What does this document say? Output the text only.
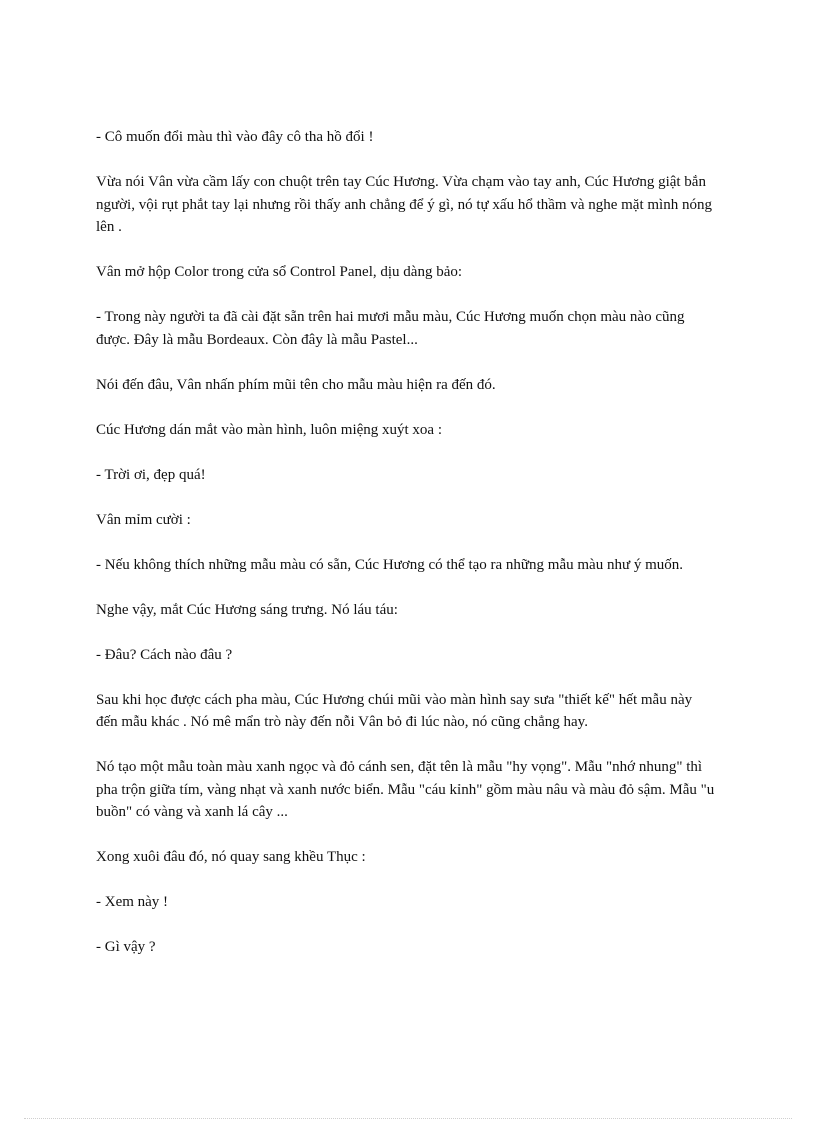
- Cô muốn đổi màu thì vào đây cô tha hồ đổi !

Vừa nói Vân vừa cầm lấy con chuột trên tay Cúc Hương. Vừa chạm vào tay anh, Cúc Hương giật bắn người, vội rụt phắt tay lại nhưng rồi thấy anh chẳng để ý gì, nó tự xấu hổ thầm và nghe mặt mình nóng lên .

Vân mở hộp Color trong cửa sổ Control Panel, dịu dàng bảo:

- Trong này người ta đã cài đặt sẵn trên hai mươi mẫu màu, Cúc Hương muốn chọn màu nào cũng được. Đây là mẫu Bordeaux. Còn đây là mẫu Pastel...

Nói đến đâu, Vân nhấn phím mũi tên cho mẫu màu hiện ra đến đó.

Cúc Hương dán mắt vào màn hình, luôn miệng xuýt xoa :

- Trời ơi, đẹp quá!

Vân mỉm cười :

- Nếu không thích những mẫu màu có sẵn, Cúc Hương có thể tạo ra những mẫu màu như ý muốn.

Nghe vậy, mắt Cúc Hương sáng trưng. Nó láu táu:

- Đâu? Cách nào đâu ?

Sau khi học được cách pha màu, Cúc Hương chúi mũi vào màn hình say sưa "thiết kế" hết mẫu này đến mẫu khác . Nó mê mẩn trò này đến nỗi Vân bỏ đi lúc nào, nó cũng chẳng hay.

Nó tạo một mẫu toàn màu xanh ngọc và đỏ cánh sen, đặt tên là mẫu "hy vọng". Mẫu "nhớ nhung" thì pha trộn giữa tím, vàng nhạt và xanh nước biển. Mẫu "cáu kỉnh" gồm màu nâu và màu đỏ sậm. Mẫu "u buồn" có vàng và xanh lá cây ...

Xong xuôi đâu đó, nó quay sang khều Thục :

- Xem này !

- Gì vậy ?
